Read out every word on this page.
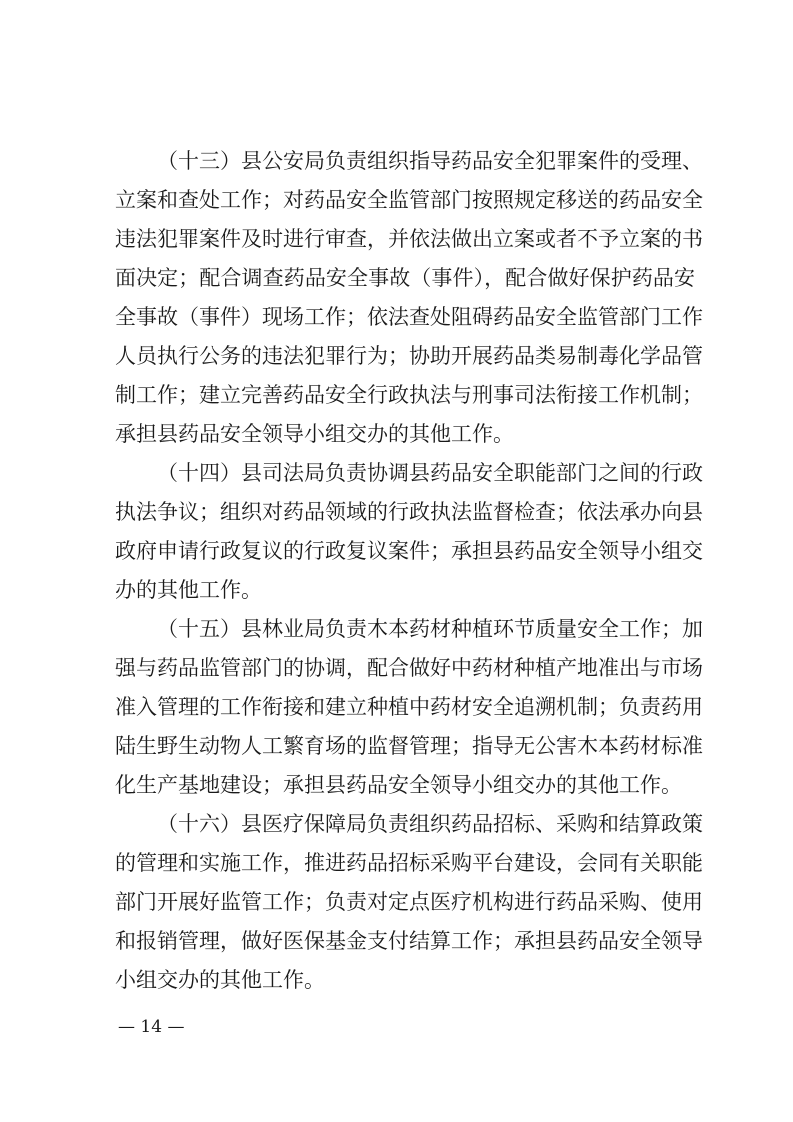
（十三）县公安局负责组织指导药品安全犯罪案件的受理、
立案和查处工作；对药品安全监管部门按照规定移送的药品安全
违法犯罪案件及时进行审查，并依法做出立案或者不予立案的书
面决定；配合调查药品安全事故（事件），配合做好保护药品安
全事故（事件）现场工作；依法查处阻碍药品安全监管部门工作
人员执行公务的违法犯罪行为；协助开展药品类易制毒化学品管
制工作；建立完善药品安全行政执法与刑事司法衔接工作机制；
承担县药品安全领导小组交办的其他工作。
（十四）县司法局负责协调县药品安全职能部门之间的行政
执法争议；组织对药品领域的行政执法监督检查；依法承办向县
政府申请行政复议的行政复议案件；承担县药品安全领导小组交
办的其他工作。
（十五）县林业局负责木本药材种植环节质量安全工作；加
强与药品监管部门的协调，配合做好中药材种植产地准出与市场
准入管理的工作衔接和建立种植中药材安全追溯机制；负责药用
陆生野生动物人工繁育场的监督管理；指导无公害木本药材标准
化生产基地建设；承担县药品安全领导小组交办的其他工作。
（十六）县医疗保障局负责组织药品招标、采购和结算政策
的管理和实施工作，推进药品招标采购平台建设，会同有关职能
部门开展好监管工作；负责对定点医疗机构进行药品采购、使用
和报销管理，做好医保基金支付结算工作；承担县药品安全领导
小组交办的其他工作。
— 14 —
